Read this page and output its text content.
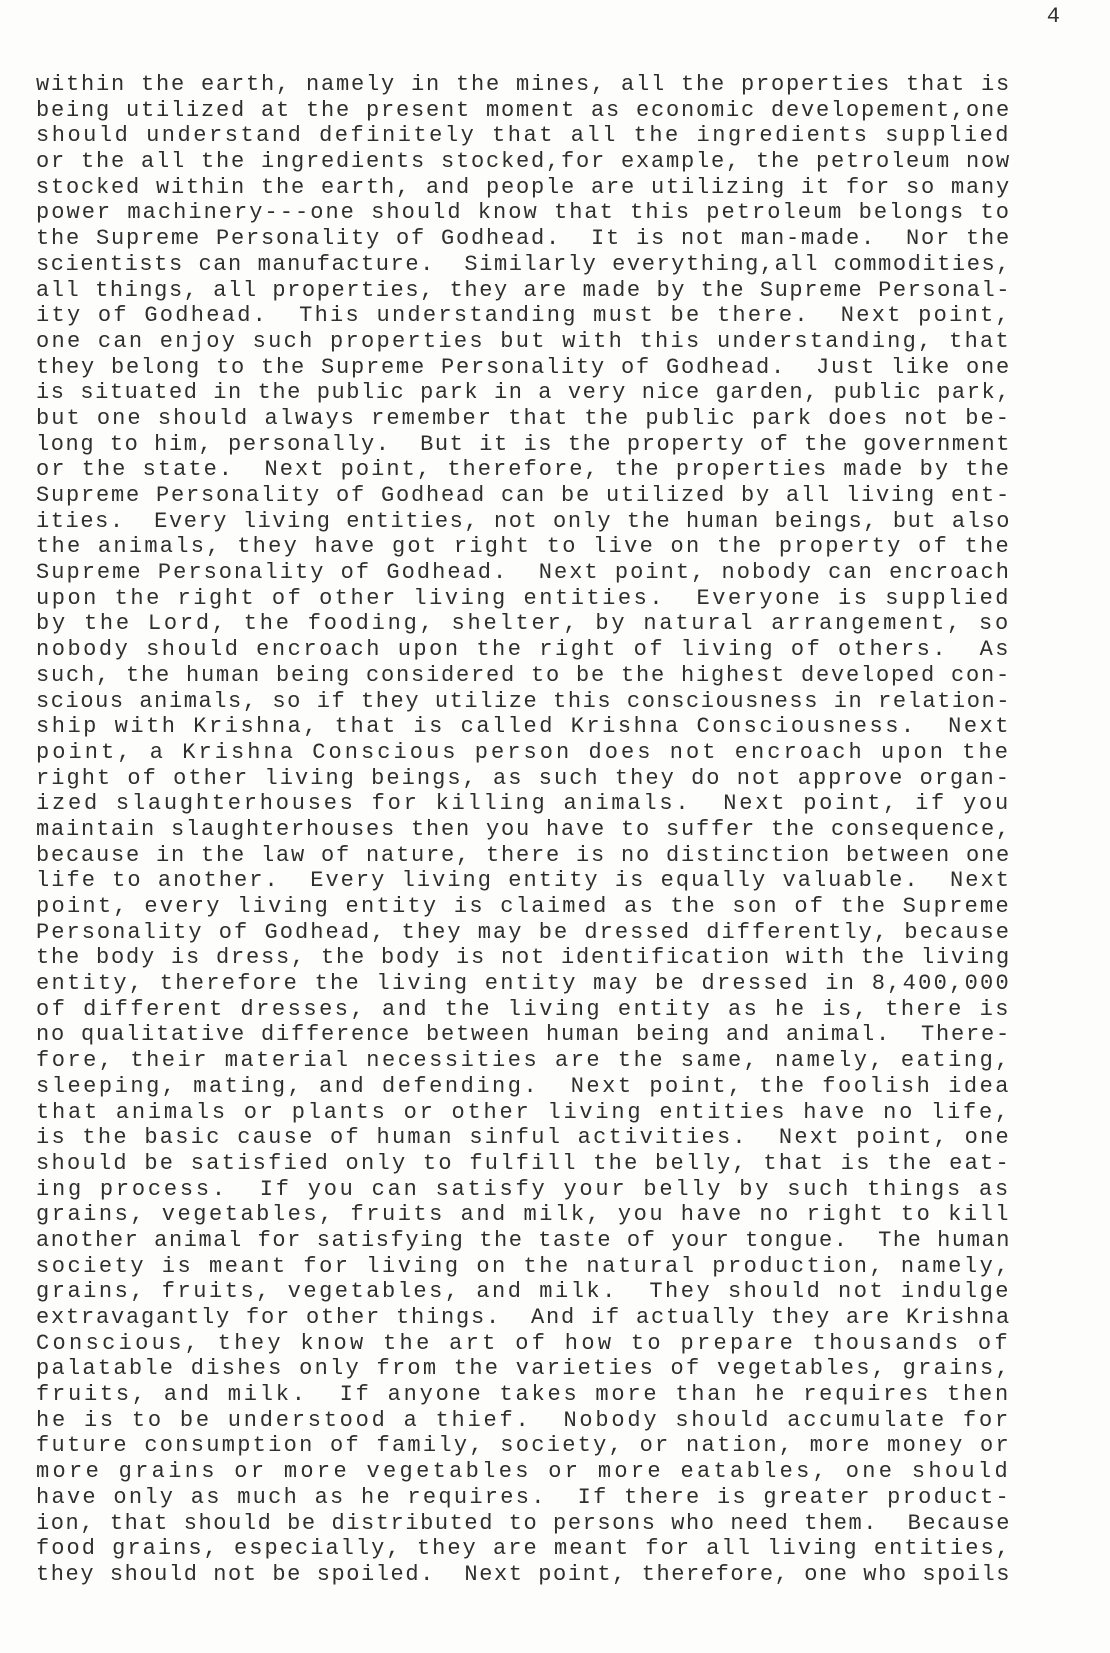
4
within the earth, namely in the mines, all the properties that is
being utilized at the present moment as economic developement,one
should understand definitely that all the ingredients supplied
or the all the ingredients stocked,for example, the petroleum now
stocked within the earth, and people are utilizing it for so many
power machinery---one should know that this petroleum belongs to
the Supreme Personality of Godhead.  It is not man-made.  Nor the
scientists can manufacture.  Similarly everything,all commodities,
all things, all properties, they are made by the Supreme Personal-
ity of Godhead.  This understanding must be there.  Next point,
one can enjoy such properties but with this understanding, that
they belong to the Supreme Personality of Godhead.  Just like one
is situated in the public park in a very nice garden, public park,
but one should always remember that the public park does not be-
long to him, personally.  But it is the property of the government
or the state.  Next point, therefore, the properties made by the
Supreme Personality of Godhead can be utilized by all living ent-
ities.  Every living entities, not only the human beings, but also
the animals, they have got right to live on the property of the
Supreme Personality of Godhead.  Next point, nobody can encroach
upon the right of other living entities.  Everyone is supplied
by the Lord, the fooding, shelter, by natural arrangement, so
nobody should encroach upon the right of living of others.  As
such, the human being considered to be the highest developed con-
scious animals, so if they utilize this consciousness in relation-
ship with Krishna, that is called Krishna Consciousness.  Next
point, a Krishna Conscious person does not encroach upon the
right of other living beings, as such they do not approve organ-
ized slaughterhouses for killing animals.  Next point, if you
maintain slaughterhouses then you have to suffer the consequence,
because in the law of nature, there is no distinction between one
life to another.  Every living entity is equally valuable.  Next
point, every living entity is claimed as the son of the Supreme
Personality of Godhead, they may be dressed differently, because
the body is dress, the body is not identification with the living
entity, therefore the living entity may be dressed in 8,400,000
of different dresses, and the living entity as he is, there is
no qualitative difference between human being and animal.  There-
fore, their material necessities are the same, namely, eating,
sleeping, mating, and defending.  Next point, the foolish idea
that animals or plants or other living entities have no life,
is the basic cause of human sinful activities.  Next point, one
should be satisfied only to fulfill the belly, that is the eat-
ing process.  If you can satisfy your belly by such things as
grains, vegetables, fruits and milk, you have no right to kill
another animal for satisfying the taste of your tongue.  The human
society is meant for living on the natural production, namely,
grains, fruits, vegetables, and milk.  They should not indulge
extravagantly for other things.  And if actually they are Krishna
Conscious, they know the art of how to prepare thousands of
palatable dishes only from the varieties of vegetables, grains,
fruits, and milk.  If anyone takes more than he requires then
he is to be understood a thief.  Nobody should accumulate for
future consumption of family, society, or nation, more money or
more grains or more vegetables or more eatables, one should
have only as much as he requires.  If there is greater product-
ion, that should be distributed to persons who need them.  Because
food grains, especially, they are meant for all living entities,
they should not be spoiled.  Next point, therefore, one who spoils
